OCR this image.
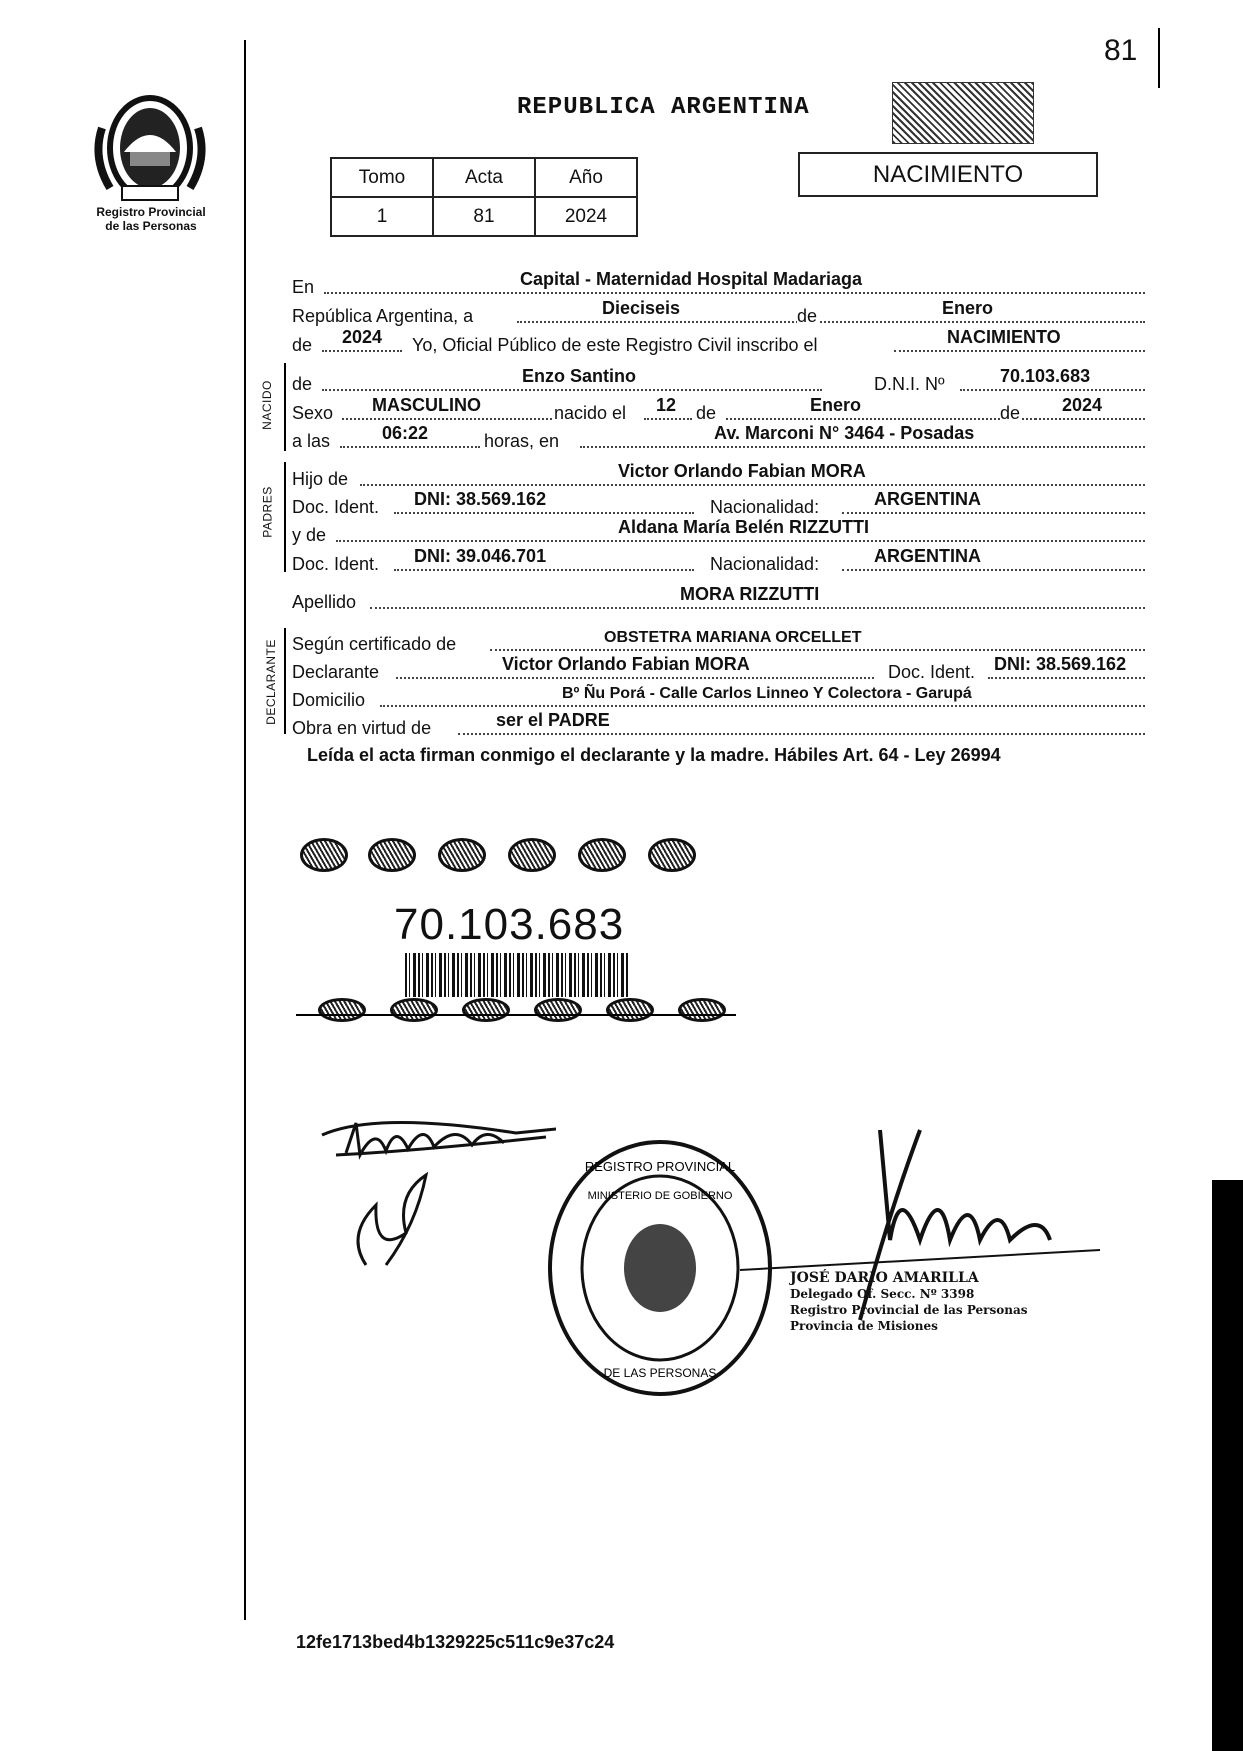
81
Registro Provincial
de las Personas
REPUBLICA ARGENTINA
Tomo	Acta	Año
1	81	2024
NACIMIENTO
NACIDO
PADRES
DECLARANTE
En	Capital - Maternidad Hospital Madariaga
República Argentina, a	Dieciseis	de	Enero
de 2024 Yo, Oficial Público de este Registro Civil inscribo el	NACIMIENTO
de	Enzo Santino	D.N.I. Nº	70.103.683
Sexo MASCULINO	nacido el 12 de	Enero	de 2024
a las	06:22	horas, en	Av. Marconi N° 3464 - Posadas
Hijo de	Victor Orlando Fabian MORA
Doc. Ident. DNI: 38.569.162	Nacionalidad:	ARGENTINA
y de	Aldana María Belén RIZZUTTI
Doc. Ident. DNI: 39.046.701	Nacionalidad:	ARGENTINA
Apellido	MORA RIZZUTTI
Según certificado de	OBSTETRA MARIANA ORCELLET
Declarante	Victor Orlando Fabian MORA	Doc. Ident. DNI: 38.569.162
Domicilio	Bº Ñu Porá - Calle Carlos Linneo Y Colectora - Garupá
Obra en virtud de	ser el PADRE
Leída el acta firman conmigo el declarante y la madre. Hábiles Art. 64 - Ley 26994
70.103.683
REGISTRO PROVINCIAL
MINISTERIO DE GOBIERNO
DE LAS PERSONAS
JOSÉ DARIO AMARILLA
Delegado Of. Secc. Nº 3398
Registro Provincial de las Personas
Provincia de Misiones
12fe1713bed4b1329225c511c9e37c24
